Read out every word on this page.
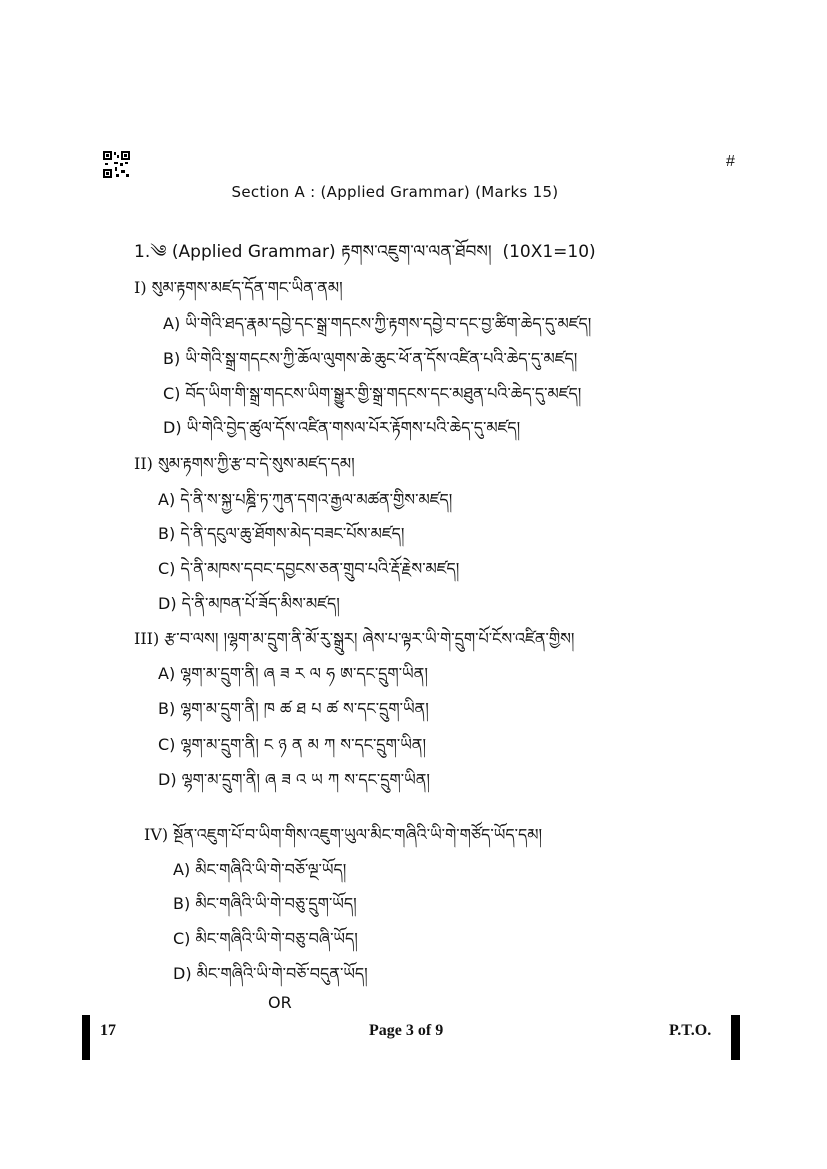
#
Section A : (Applied Grammar) (Marks 15)
1.༄ (Applied Grammar) རྟགས་འཇུག་ལ་ལན་ཐོབས། (10X1=10)
I) སུམ་རྟགས་མཛད་དོན་གང་ཡིན་ནམ།
A) ཡི་གེའི་ཐད་རྣམ་དབྱེ་དང་སྒྲ་གདངས་ཀྱི་རྟགས་དབྱེ་བ་དང་བྱ་ཚིག་ཆེད་དུ་མཛད།
B) ཡི་གེའི་སྒྲ་གདངས་ཀྱི་ཆོལ་ལུགས་ཆེ་ཆུང་ཕོ་ན་དོས་འཛིན་པའི་ཆེད་དུ་མཛད།
C) བོད་ཡིག་གི་སྒྲ་གདངས་ཡིག་སྒྱུར་གྱི་སྒྲ་གདངས་དང་མཐུན་པའི་ཆེད་དུ་མཛད།
D) ཡི་གེའི་བྱེད་ཚུལ་དོས་འཛིན་གསལ་པོར་རྟོགས་པའི་ཆེད་དུ་མཛད།
II) སུམ་རྟགས་ཀྱི་རྩ་བ་དེ་སུས་མཛད་དམ།
A) དེ་ནི་ས་སྐྱ་པཎྜི་ཏ་ཀུན་དགའ་རྒྱལ་མཚན་གྱིས་མཛད།
B) དེ་ནི་དངུལ་ཆུ་ཐོགས་མེད་བཟང་པོས་མཛད།
C) དེ་ནི་མཁས་དབང་དབྱངས་ཅན་གྲུབ་པའི་རྡོ་རྗེས་མཛད།
D) དེ་ནི་མཁན་པོ་ཟོད་མིས་མཛད།
III) རྩ་བ་ལས། །ལྷག་མ་དྲུག་ནི་མོ་རུ་སྒྲུར། ཞེས་པ་ལྟར་ཡི་གེ་དྲུག་པོ་ངོས་འཛིན་གྱིས།
A) ལྷག་མ་དྲུག་ནི། ཞ ཟ ར ལ ཧ ཨ་དང་དྲུག་ཡིན།
B) ལྷག་མ་དྲུག་ནི། ཁ ཚ ཐ པ ཚ ས་དང་དྲུག་ཡིན།
C) ལྷག་མ་དྲུག་ནི། ང ཉ ན མ ཀ ས་དང་དྲུག་ཡིན།
D) ལྷག་མ་དྲུག་ནི། ཞ ཟ འ ཡ ཀ ས་དང་དྲུག་ཡིན།
IV) སྔོན་འཇུག་པོ་བ་ཡིག་གིས་འཇུག་ཡུལ་མིང་གཞིའི་ཡི་གེ་གཙོད་ཡོད་དམ།
A) མིང་གཞིའི་ཡི་གེ་བཅོ་ལྔ་ཡོད།
B) མིང་གཞིའི་ཡི་གེ་བཅུ་དྲུག་ཡོད།
C) མིང་གཞིའི་ཡི་གེ་བཅུ་བཞི་ཡོད།
D) མིང་གཞིའི་ཡི་གེ་བཅོ་བདུན་ཡོད།
OR
17	Page 3 of 9	P.T.O.
